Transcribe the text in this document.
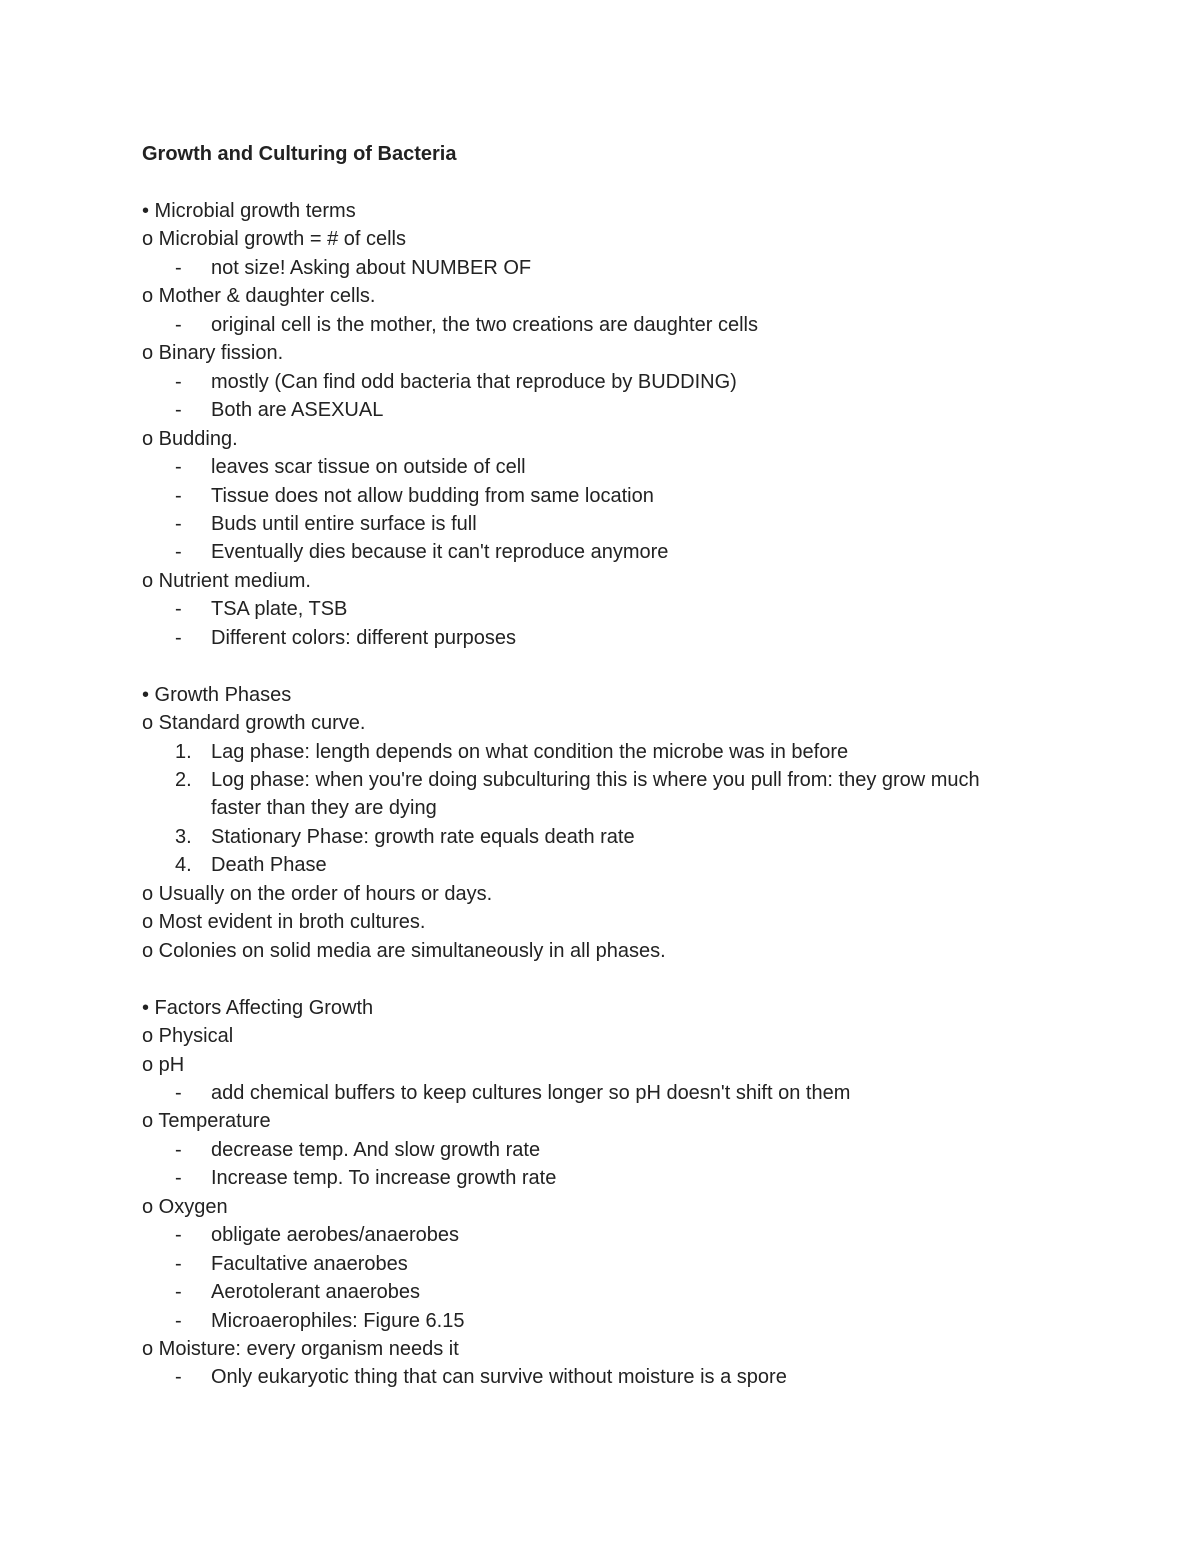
Growth and Culturing of Bacteria
• Microbial growth terms
o Microbial growth = # of cells
- not size! Asking about NUMBER OF
o Mother & daughter cells.
- original cell is the mother, the two creations are daughter cells
o Binary fission.
- mostly (Can find odd bacteria that reproduce by BUDDING)
- Both are ASEXUAL
o Budding.
- leaves scar tissue on outside of cell
- Tissue does not allow budding from same location
- Buds until entire surface is full
- Eventually dies because it can't reproduce anymore
o Nutrient medium.
- TSA plate, TSB
- Different colors: different purposes
• Growth Phases
o Standard growth curve.
1. Lag phase: length depends on what condition the microbe was in before
2. Log phase: when you're doing subculturing this is where you pull from: they grow much
faster than they are dying
3. Stationary Phase: growth rate equals death rate
4. Death Phase
o Usually on the order of hours or days.
o Most evident in broth cultures.
o Colonies on solid media are simultaneously in all phases.
• Factors Affecting Growth
o Physical
o pH
- add chemical buffers to keep cultures longer so pH doesn't shift on them
o Temperature
- decrease temp. And slow growth rate
- Increase temp. To increase growth rate
o Oxygen
- obligate aerobes/anaerobes
- Facultative anaerobes
- Aerotolerant anaerobes
- Microaerophiles: Figure 6.15
o Moisture: every organism needs it
- Only eukaryotic thing that can survive without moisture is a spore
